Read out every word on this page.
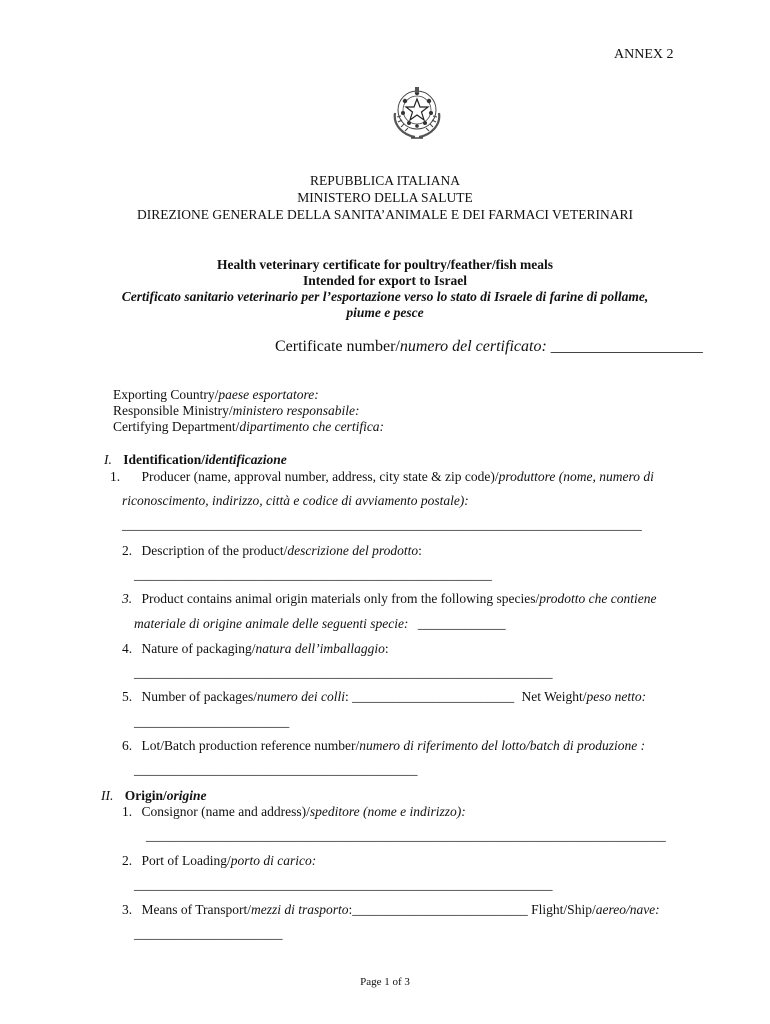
ANNEX 2
REPUBBLICA ITALIANA
MINISTERO DELLA SALUTE
DIREZIONE GENERALE DELLA SANITA’ANIMALE E DEI FARMACI VETERINARI
Health veterinary certificate for poultry/feather/fish meals
Intended for export to Israel
Certificato sanitario veterinario per l’esportazione verso lo stato di Israele di farine di pollame,
piume e pesce
Certificate number/numero del certificato: ___________________
Exporting Country/paese esportatore:
Responsible Ministry/ministero responsabile:
Certifying Department/dipartimento che certifica:
I. Identification/identificazione
1. Producer (name, approval number, address, city state & zip code)/produttore (nome, numero di
riconoscimento, indirizzo, città e codice di avviamento postale):
_____________________________________________________________________________
2. Description of the product/descrizione del prodotto:
_____________________________________________________
3. Product contains animal origin materials only from the following species/prodotto che contiene
materiale di origine animale delle seguenti specie: _____________
4. Nature of packaging/natura dell’imballaggio:
______________________________________________________________
5. Number of packages/numero dei colli: ________________________ Net Weight/peso netto:
_______________________
6. Lot/Batch production reference number/numero di riferimento del lotto/batch di produzione :
__________________________________________
II. Origin/origine
1. Consignor (name and address)/speditore (nome e indirizzo):
_____________________________________________________________________________
2. Port of Loading/porto di carico:
______________________________________________________________
3. Means of Transport/mezzi di trasporto:__________________________ Flight/Ship/aereo/nave:
______________________
Page 1 of 3
